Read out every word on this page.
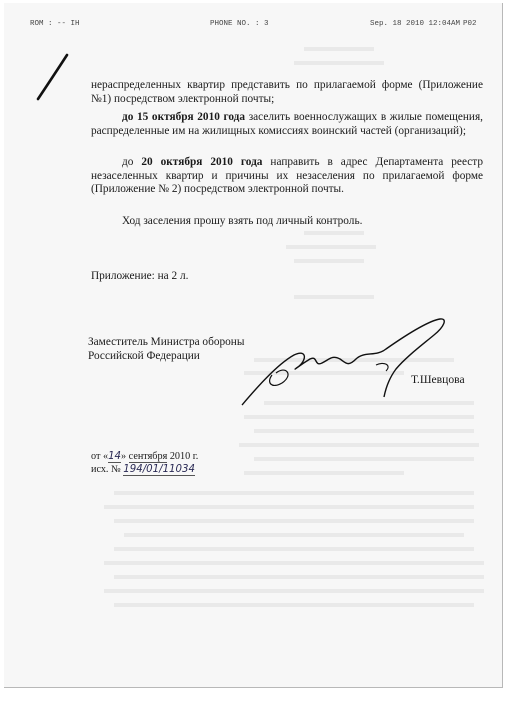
ROM : -- IH	PHONE NO. : 3	Sep. 18 2010 12:04AM P02

нераспределенных квартир представить по прилагаемой форме (Приложение №1) посредством электронной почты;

до 15 октября 2010 года заселить военнослужащих в жилые помещения, распределенные им на жилищных комиссиях воинский частей (организаций);

до 20 октября 2010 года направить в адрес Департамента реестр незаселенных квартир и причины их незаселения по прилагаемой форме (Приложение № 2) посредством электронной почты.

Ход заселения прошу взять под личный контроль.

Приложение: на 2 л.
Заместитель Министра обороны
Российской Федерации
Т.Шевцова
от «14» сентября 2010 г.
исх. № 194/01/11034
